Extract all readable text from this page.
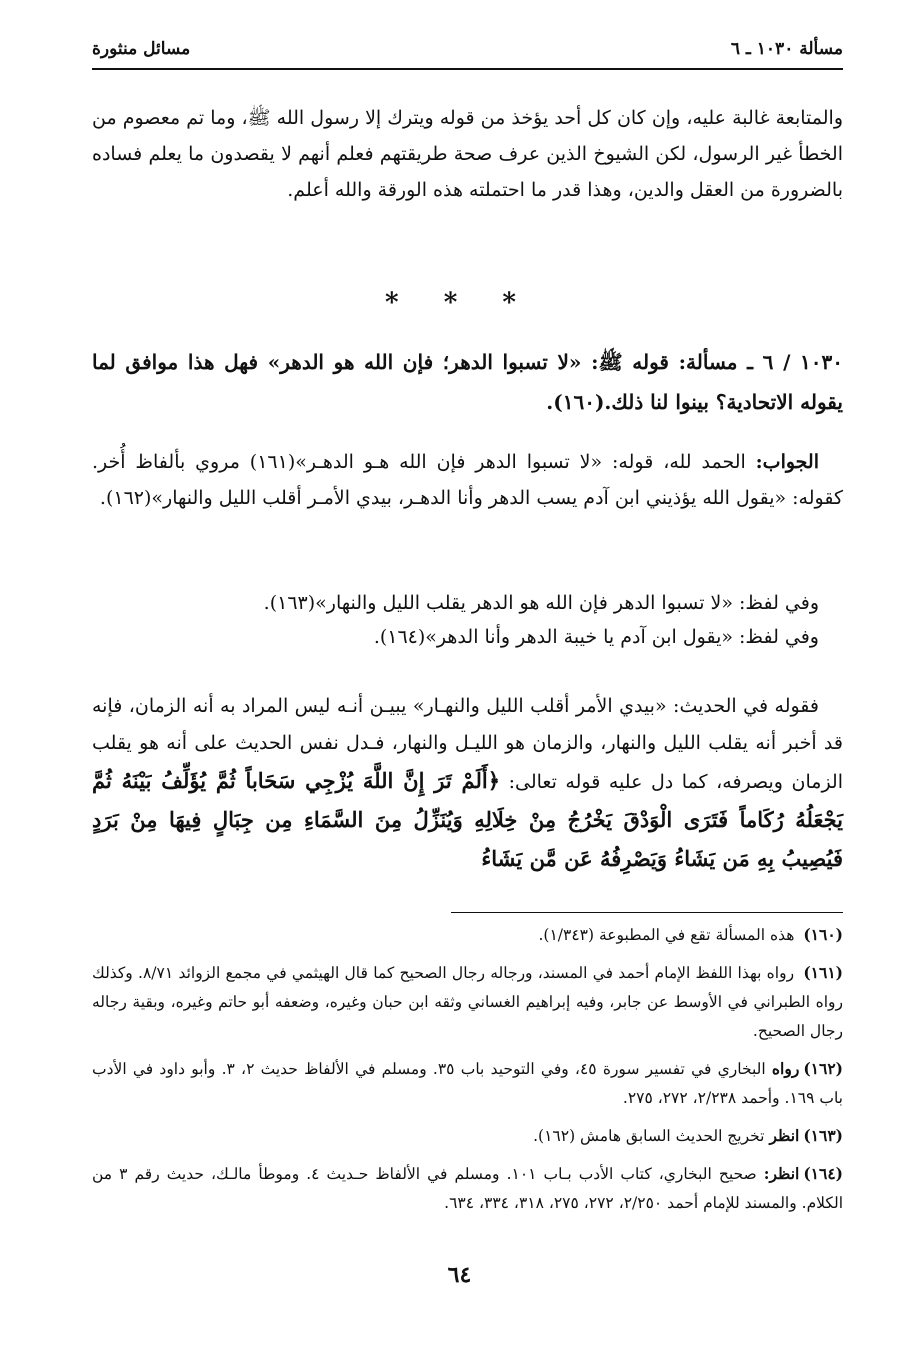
مسألة ١٠٣٠ ـ ٦
مسائل منثورة

والمتابعة غالبة عليه، وإن كان كل أحد يؤخذ من قوله ويترك إلا رسول الله ﷺ، وما تم معصوم من الخطأ غير الرسول، لكن الشيوخ الذين عرف صحة طريقتهم فعلم أنهم لا يقصدون ما يعلم فساده بالضرورة من العقل والدين، وهذا قدر ما احتملته هذه الورقة والله أعلم.

* * *

١٠٣٠ / ٦ ـ مسألة: قوله ﷺ: «لا تسبوا الدهر؛ فإن الله هو الدهر» فهل هذا موافق لما يقوله الاتحادية؟ بينوا لنا ذلك.(١٦٠).

الجواب: الحمد لله، قوله: «لا تسبوا الدهر فإن الله هـو الدهـر»(١٦١) مروي بألفاظ أُخر. كقوله: «يقول الله يؤذيني ابن آدم يسب الدهر وأنا الدهـر، بيدي الأمـر أقلب الليل والنهار»(١٦٢).

وفي لفظ: «لا تسبوا الدهر فإن الله هو الدهر يقلب الليل والنهار»(١٦٣).

وفي لفظ: «يقول ابن آدم يا خيبة الدهر وأنا الدهر»(١٦٤).

فقوله في الحديث: «بيدي الأمر أقلب الليل والنهـار» يبيـن أنـه ليس المراد به أنه الزمان، فإنه قد أخبر أنه يقلب الليل والنهار، والزمان هو الليـل والنهار، فـدل نفس الحديث على أنه هو يقلب الزمان ويصرفه، كما دل عليه قوله تعالى: ﴿أَلَمْ تَرَ إِنَّ اللَّهَ يُزْجِي سَحَاباً ثُمَّ يُؤَلِّفُ بَيْنَهُ ثُمَّ يَجْعَلُهُ رُكَاماً فَتَرَى الْوَدْقَ يَخْرُجُ مِنْ خِلَالِهِ وَيُنَزِّلُ مِنَ السَّمَاءِ مِن جِبَالٍ فِيهَا مِنْ بَرَدٍ فَيُصِيبُ بِهِ مَن يَشَاءُ وَيَصْرِفُهُ عَن مَّن يَشَاءُ

(١٦٠) هذه المسألة تقع في المطبوعة (١/٣٤٣).

(١٦١) رواه بهذا اللفظ الإمام أحمد في المسند، ورجاله رجال الصحيح كما قال الهيثمي في مجمع الزوائد ٨/٧١. وكذلك رواه الطبراني في الأوسط عن جابر، وفيه إبراهيم الغساني وثقه ابن حبان وغيره، وضعفه أبو حاتم وغيره، وبقية رجاله رجال الصحيح.

(١٦٢)رواه البخاري في تفسير سورة ٤٥، وفي التوحيد باب ٣٥. ومسلم في الألفاظ حديث ٢، ٣. وأبو داود في الأدب باب ١٦٩. وأحمد ٢/٢٣٨، ٢٧٢، ٢٧٥.

(١٦٣)انظر تخريج الحديث السابق هامش (١٦٢).

(١٦٤)انظر: صحيح البخاري، كتاب الأدب بـاب ١٠١. ومسلم في الألفاظ حـديث ٤. وموطأ مالـك، حديث رقم ٣ من الكلام. والمسند للإمام أحمد ٢/٢٥٠، ٢٧٢، ٢٧٥، ٣١٨، ٣٣٤، ٦٣٤.

٦٤
